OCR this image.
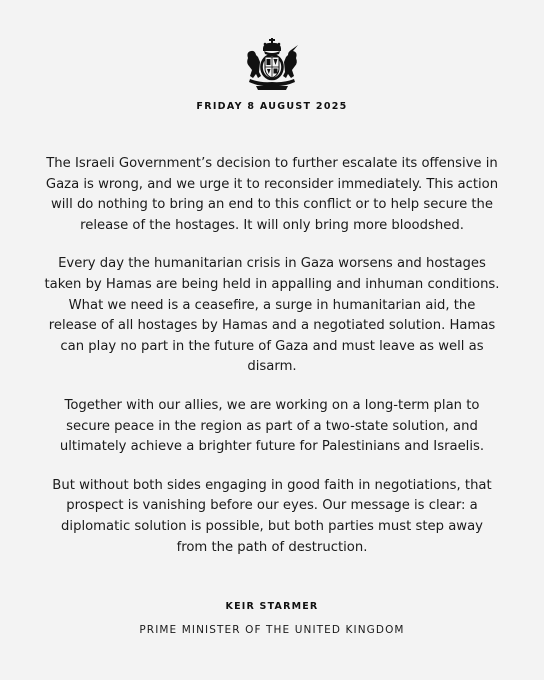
FRIDAY 8 AUGUST 2025

The Israeli Government’s decision to further escalate its offensive in Gaza is wrong, and we urge it to reconsider immediately. This action will do nothing to bring an end to this conflict or to help secure the release of the hostages. It will only bring more bloodshed.

Every day the humanitarian crisis in Gaza worsens and hostages taken by Hamas are being held in appalling and inhuman conditions. What we need is a ceasefire, a surge in humanitarian aid, the release of all hostages by Hamas and a negotiated solution. Hamas can play no part in the future of Gaza and must leave as well as disarm.

Together with our allies, we are working on a long-term plan to secure peace in the region as part of a two-state solution, and ultimately achieve a brighter future for Palestinians and Israelis.

But without both sides engaging in good faith in negotiations, that prospect is vanishing before our eyes. Our message is clear: a diplomatic solution is possible, but both parties must step away from the path of destruction.

KEIR STARMER
PRIME MINISTER OF THE UNITED KINGDOM
